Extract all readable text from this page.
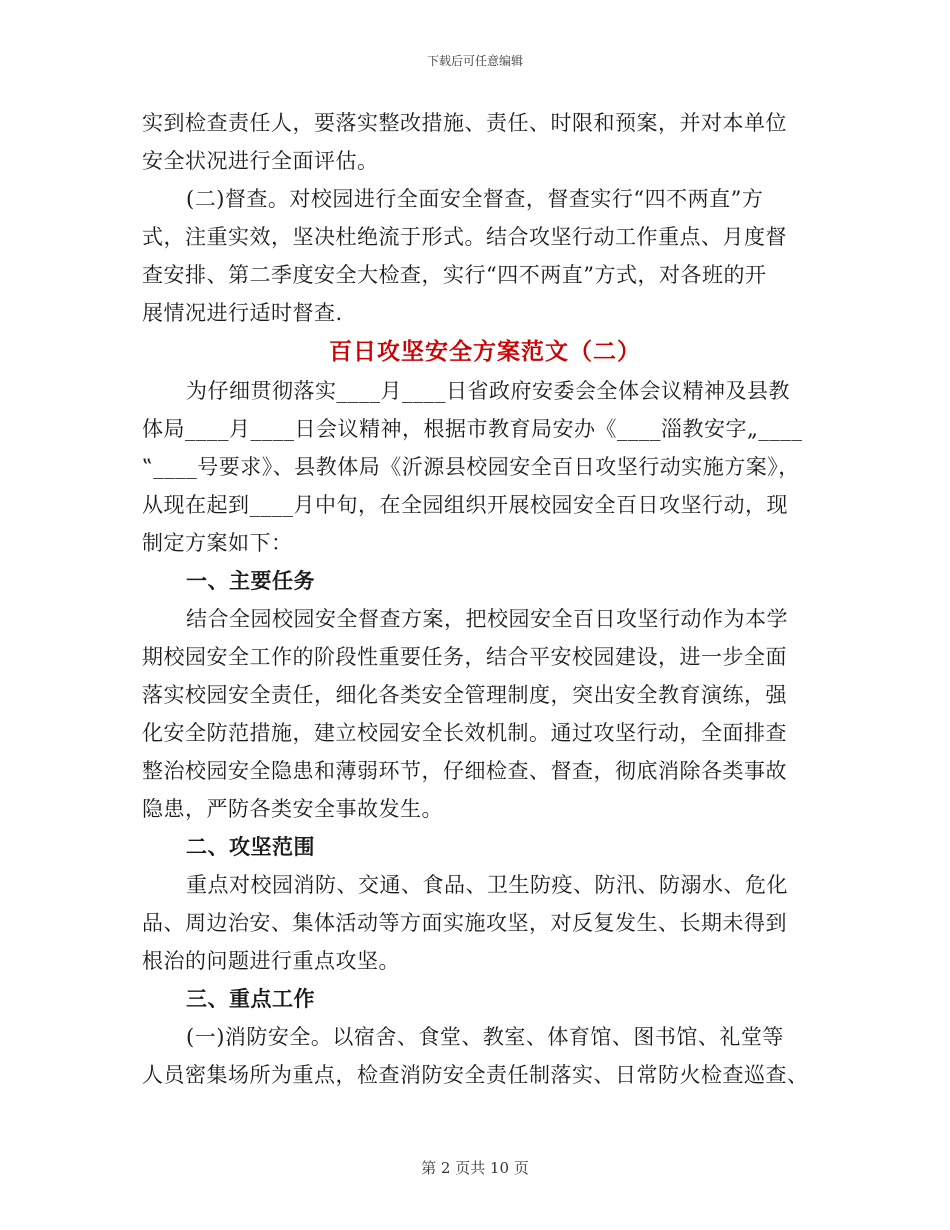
下载后可任意编辑
实到检查责任人，要落实整改措施、责任、时限和预案，并对本单位
安全状况进行全面评估。
(二)督查。对校园进行全面安全督查，督查实行“四不两直”方
式，注重实效，坚决杜绝流于形式。结合攻坚行动工作重点、月度督
查安排、第二季度安全大检查，实行“四不两直”方式，对各班的开
展情况进行适时督查.
百日攻坚安全方案范文（二）
为仔细贯彻落实____月____日省政府安委会全体会议精神及县教
体局____月____日会议精神，根据市教育局安办《____淄教安字„____
‟____号要求》、县教体局《沂源县校园安全百日攻坚行动实施方案》，
从现在起到____月中旬，在全园组织开展校园安全百日攻坚行动，现
制定方案如下：
一、主要任务
结合全园校园安全督查方案，把校园安全百日攻坚行动作为本学
期校园安全工作的阶段性重要任务，结合平安校园建设，进一步全面
落实校园安全责任，细化各类安全管理制度，突出安全教育演练，强
化安全防范措施，建立校园安全长效机制。通过攻坚行动，全面排查
整治校园安全隐患和薄弱环节，仔细检查、督查，彻底消除各类事故
隐患，严防各类安全事故发生。
二、攻坚范围
重点对校园消防、交通、食品、卫生防疫、防汛、防溺水、危化
品、周边治安、集体活动等方面实施攻坚，对反复发生、长期未得到
根治的问题进行重点攻坚。
三、重点工作
(一)消防安全。以宿舍、食堂、教室、体育馆、图书馆、礼堂等
人员密集场所为重点，检查消防安全责任制落实、日常防火检查巡查、
第 2 页共 10 页
